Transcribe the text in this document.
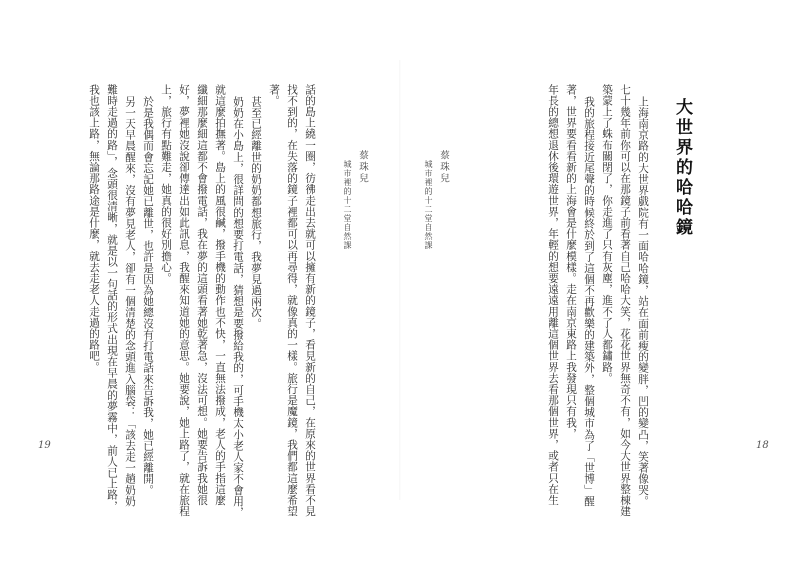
蔡珠兒
城市裡的十二堂自然課
話的島上繞一圈，彷彿走出去就可以擁有新的鏡子，看見新的自己，在原來的世界看不見
找不到的，在失落的鏡子裡都可以再尋得，就像真的一樣。旅行是魔鏡，我們都這麼希望
著。
甚至已經離世的奶奶都想旅行，我夢見過兩次。
奶奶在小島上，很詳問的想要打電話，猜想是要撥給我的，可手機太小老人家不會用，
就這麼拍撫著。島上的風很鹹，撥手機的動作也不快，一直無法撥成，老人的手指這麼
纖細那麼細這都不會撥電話，我在夢的這頭看著她乾著急，沒法可想。她要告訴我她很
好，夢裡她沒說卻傳達出如此訊息，我醒來知道她的意思。她要說，她上路了，就在旅程
上，旅行有點難走，她真的很好別擔心。
於是我偶而會忘記她已離世，也許是因為她總沒有打電話來告訴我，她已經離開。
另一天早晨醒來，沒有夢見老人，卻有一個清楚的念頭進入腦袋：「該去走一趟奶奶
難時走過的路」，念頭很清晰，就是以一句話的形式出現在早晨的夢霧中，前人已上路，
我也該上路，無論那路途是什麼，就去走老人走過的路吧。
19
大世界的哈哈鏡
上海南京路的大世界戲院有一面哈哈鏡，站在面前瘦的變胖，凹的變凸，笑著像哭。
七十幾年前你可以在那鏡子前看著自己哈哈大笑，花花世界無奇不有，如今大世界整棟建
築蒙上了蛛布關閉了，你走進了只有灰塵，進不了人都鏽路。
我的旅程接近尾聲的時候終於到了這個不再歡樂的建築外，整個城市為了「世博」醒
著，世界要看看新的上海會是什麼模樣。走在南京東路上我發現只有我，
年長的總想退休後環遊世界，年輕的想要遠遠用離這個世界去看那個世界，或者只在生
蔡珠兒
城市裡的十二堂自然課
18
